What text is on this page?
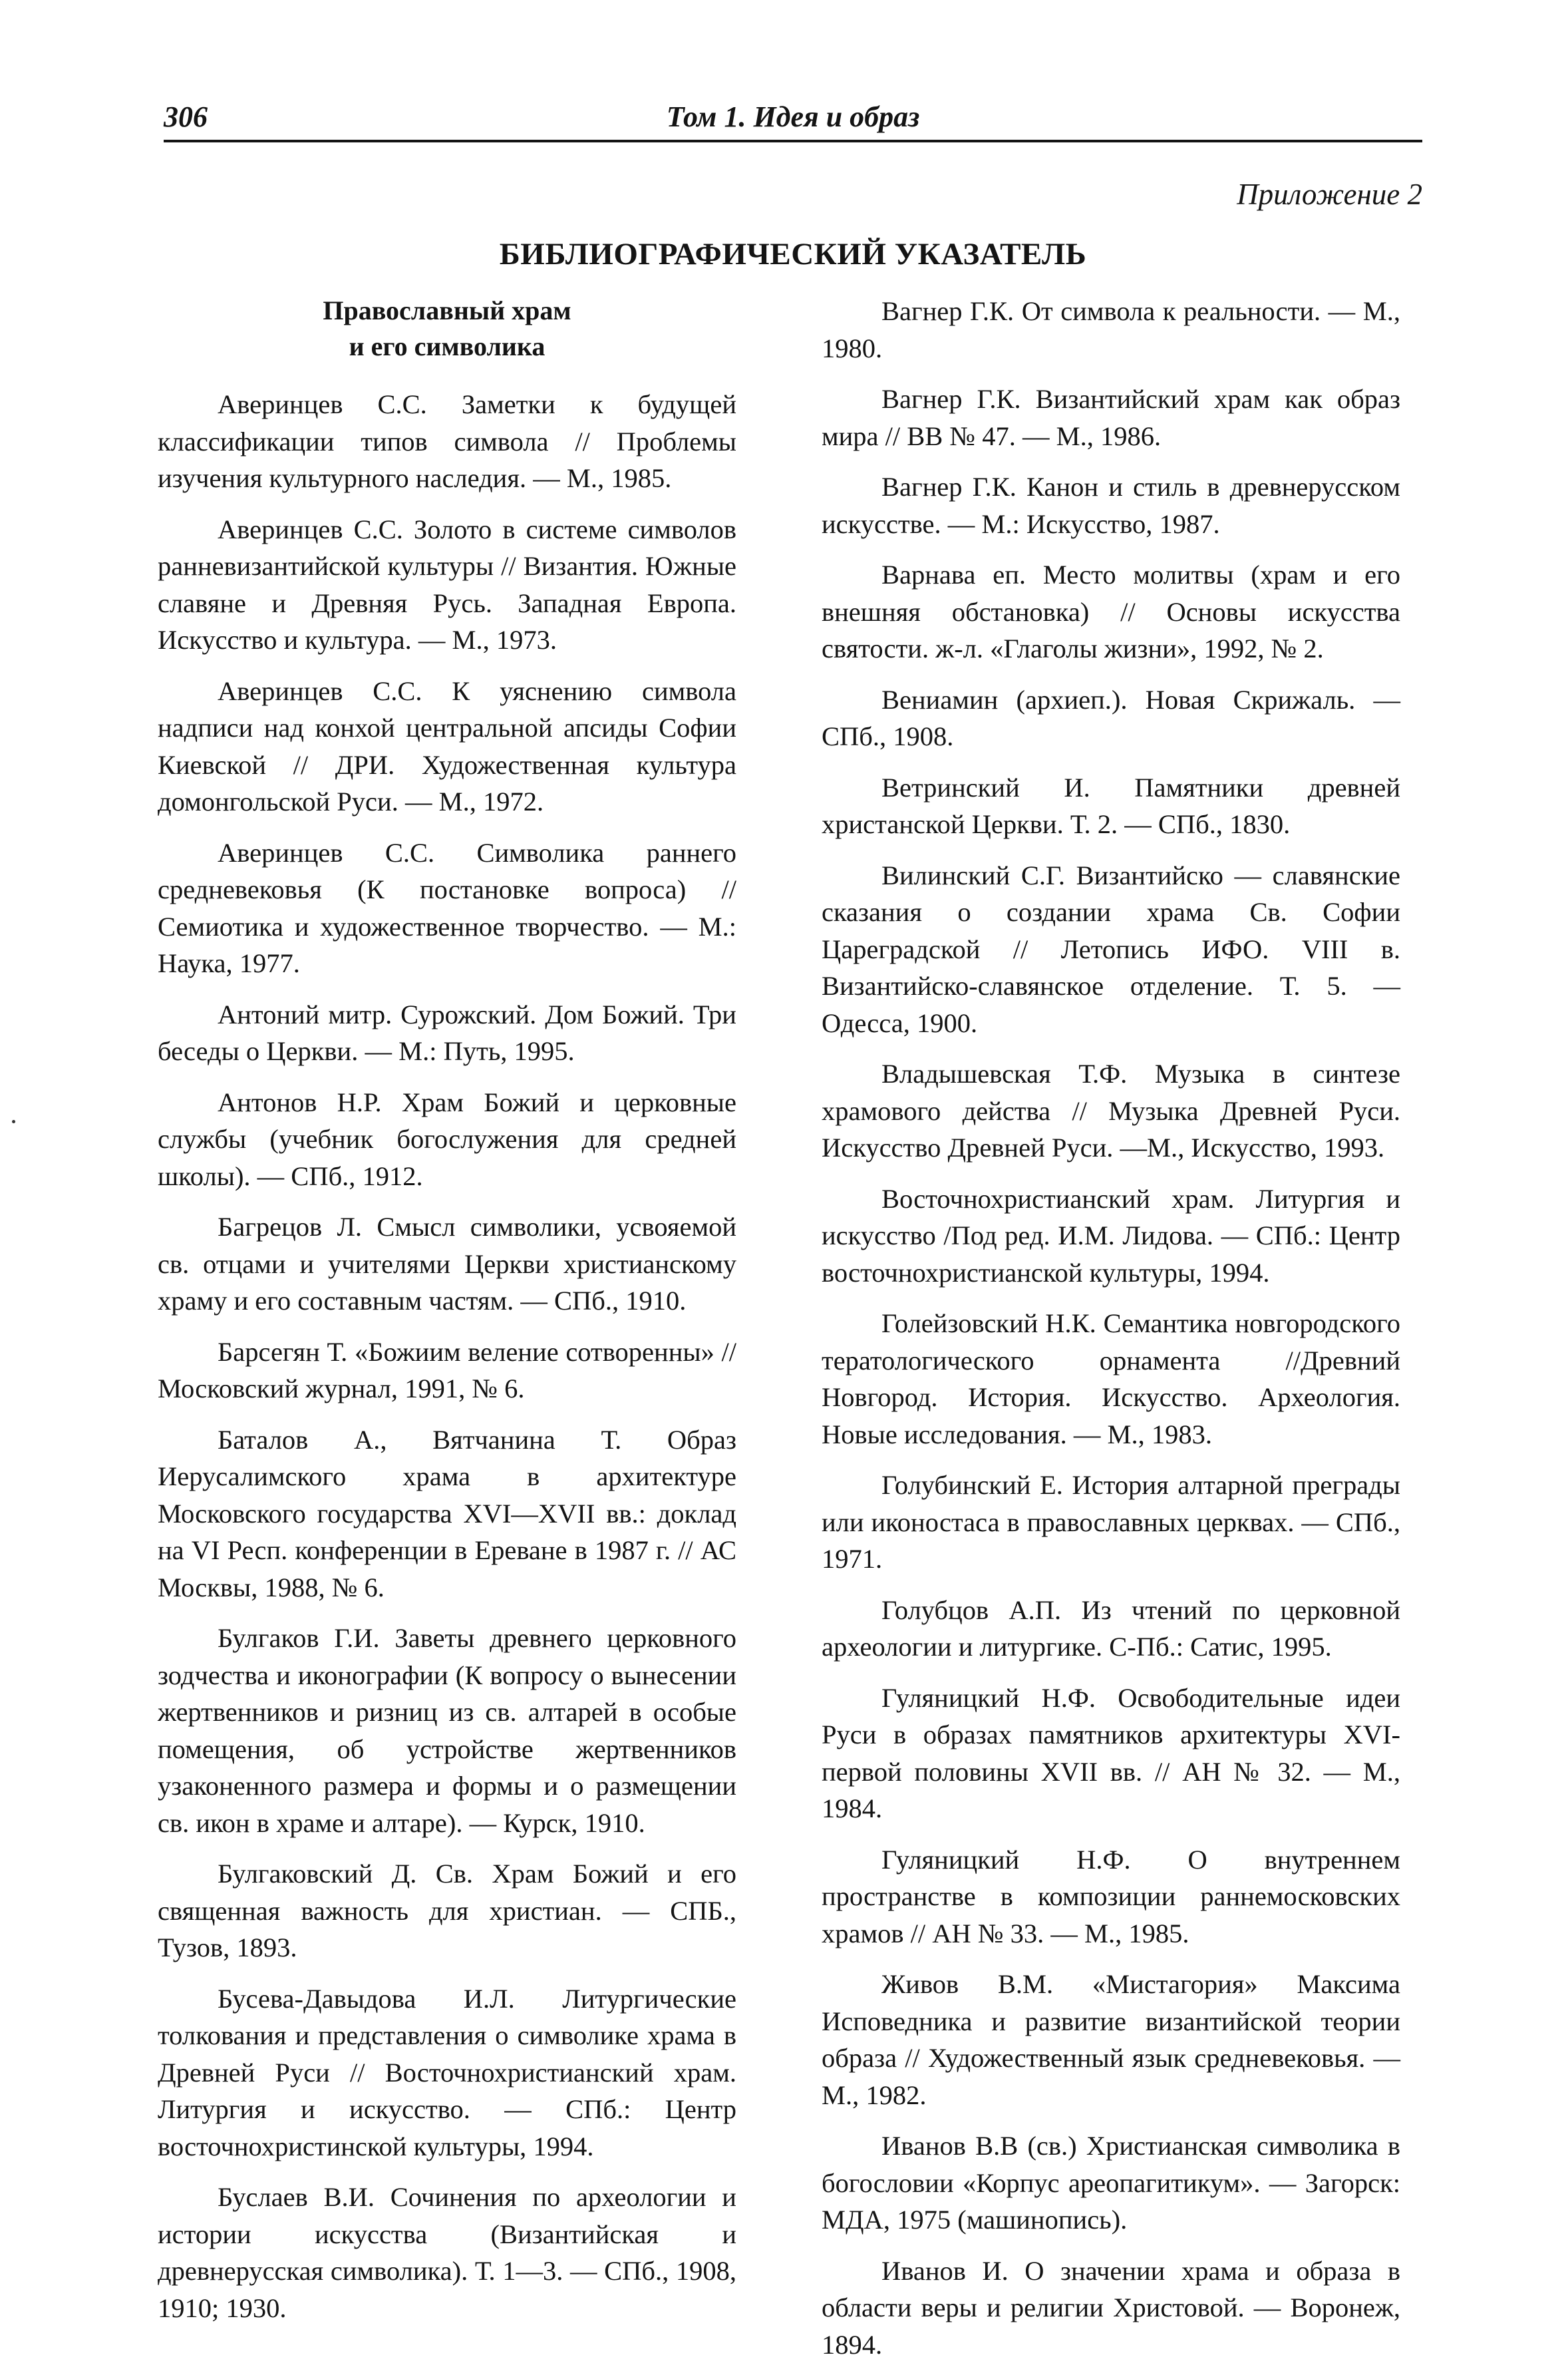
306	Том 1. Идея и образ
Приложение 2
БИБЛИОГРАФИЧЕСКИЙ УКАЗАТЕЛЬ
Православный храм
и его символика

Аверинцев С.С. Заметки к будущей классификации типов символа // Проблемы изучения культурного наследия. — М., 1985.

Аверинцев С.С. Золото в системе символов ранневизантийской культуры // Византия. Южные славяне и Древняя Русь. Западная Европа. Искусство и культура. — М., 1973.

Аверинцев С.С. К уяснению символа надписи над конхой центральной апсиды Софии Киевской // ДРИ. Художественная культура домонгольской Руси. — М., 1972.

Аверинцев С.С. Символика раннего средневековья (К постановке вопроса) // Семиотика и художественное творчество. — М.: Наука, 1977.

Антоний митр. Сурожский. Дом Божий. Три беседы о Церкви. — М.: Путь, 1995.

Антонов Н.Р. Храм Божий и церковные службы (учебник богослужения для средней школы). — СПб., 1912.

Багрецов Л. Смысл символики, усвояемой св. отцами и учителями Церкви христианскому храму и его составным частям. — СПб., 1910.

Барсегян Т. «Божиим веление сотворенны» // Московский журнал, 1991, № 6.

Баталов А., Вятчанина Т. Образ Иерусалимского храма в архитектуре Московского государства XVI—XVII вв.: доклад на VI Респ. конференции в Ереване в 1987 г. // АС Москвы, 1988, № 6.

Булгаков Г.И. Заветы древнего церковного зодчества и иконографии (К вопросу о вынесении жертвенников и ризниц из св. алтарей в особые помещения, об устройстве жертвенников узаконенного размера и формы и о размещении св. икон в храме и алтаре). — Курск, 1910.

Булгаковский Д. Св. Храм Божий и его священная важность для христиан. — СПБ., Тузов, 1893.

Бусева-Давыдова И.Л. Литургические толкования и представления о символике храма в Древней Руси // Восточнохристианский храм. Литургия и искусство. — СПб.: Центр восточнохристинской культуры, 1994.

Буслаев В.И. Сочинения по археологии и истории искусства (Византийская и древнерусская символика). Т. 1—3. — СПб., 1908, 1910; 1930.

Вагнер Г.К. От символа к реальности. — М., 1980.

Вагнер Г.К. Византийский храм как образ мира // ВВ № 47. — М., 1986.

Вагнер Г.К. Канон и стиль в древнерусском искусстве. — М.: Искусство, 1987.

Варнава еп. Место молитвы (храм и его внешняя обстановка) // Основы искусства святости. ж-л. «Глаголы жизни», 1992, № 2.

Вениамин (архиеп.). Новая Скрижаль. — СПб., 1908.

Ветринский И. Памятники древней христанской Церкви. Т. 2. — СПб., 1830.

Вилинский С.Г. Византийско — славянские сказания о создании храма Св. Софии Цареградской // Летопись ИФО. VIII в. Византийско-славянское отделение. Т. 5. — Одесса, 1900.

Владышевская Т.Ф. Музыка в синтезе храмового действа // Музыка Древней Руси. Искусство Древней Руси. —М., Искусство, 1993.

Восточнохристианский храм. Литургия и искусство /Под ред. И.М. Лидова. — СПб.: Центр восточнохристианской культуры, 1994.

Голейзовский Н.К. Семантика новгородского тератологического орнамента //Древний Новгород. История. Искусство. Археология. Новые исследования. — М., 1983.

Голубинский Е. История алтарной преграды или иконостаса в православных церквах. — СПб., 1971.

Голубцов А.П. Из чтений по церковной археологии и литургике. С-Пб.: Сатис, 1995.

Гуляницкий Н.Ф. Освободительные идеи Руси в образах памятников архитектуры XVI-первой половины XVII вв. // АН № 32. — М., 1984.

Гуляницкий Н.Ф. О внутреннем пространстве в композиции раннемосковских храмов // АН № 33. — М., 1985.

Живов В.М. «Мистагория» Максима Исповедника и развитие византийской теории образа // Художественный язык средневековья. — М., 1982.

Иванов В.В (св.) Христианская символика в богословии «Корпус ареопагитикум». — Загорск: МДА, 1975 (машинопись).

Иванов И. О значении храма и образа в области веры и религии Христовой. — Воронеж, 1894.
